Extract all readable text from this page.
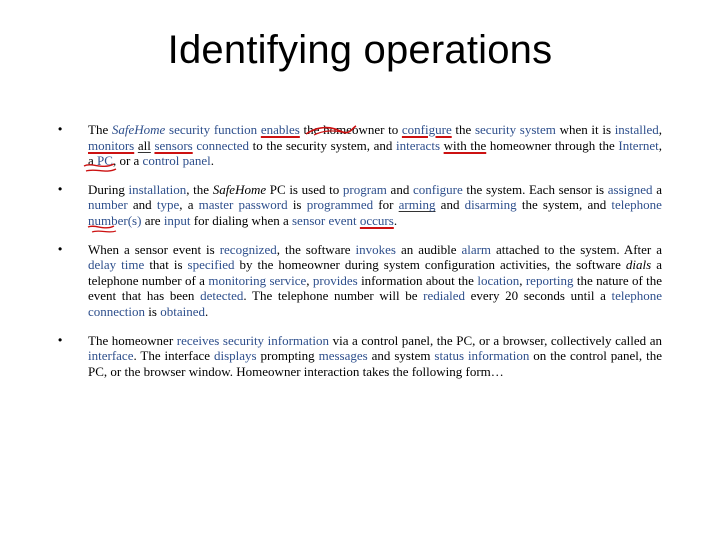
Identifying operations
• The SafeHome security function enables the homeowner to configure the security system when it is installed, monitors all sensors connected to the security system, and interacts with the homeowner through the Internet, a PC, or a control panel.
• During installation, the SafeHome PC is used to program and configure the system. Each sensor is assigned a number and type, a master password is programmed for arming and disarming the system, and telephone number(s) are input for dialing when a sensor event occurs.
• When a sensor event is recognized, the software invokes an audible alarm attached to the system. After a delay time that is specified by the homeowner during system configuration activities, the software dials a telephone number of a monitoring service, provides information about the location, reporting the nature of the event that has been detected. The telephone number will be redialed every 20 seconds until a telephone connection is obtained.
• The homeowner receives security information via a control panel, the PC, or a browser, collectively called an interface. The interface displays prompting messages and system status information on the control panel, the PC, or the browser window. Homeowner interaction takes the following form…
